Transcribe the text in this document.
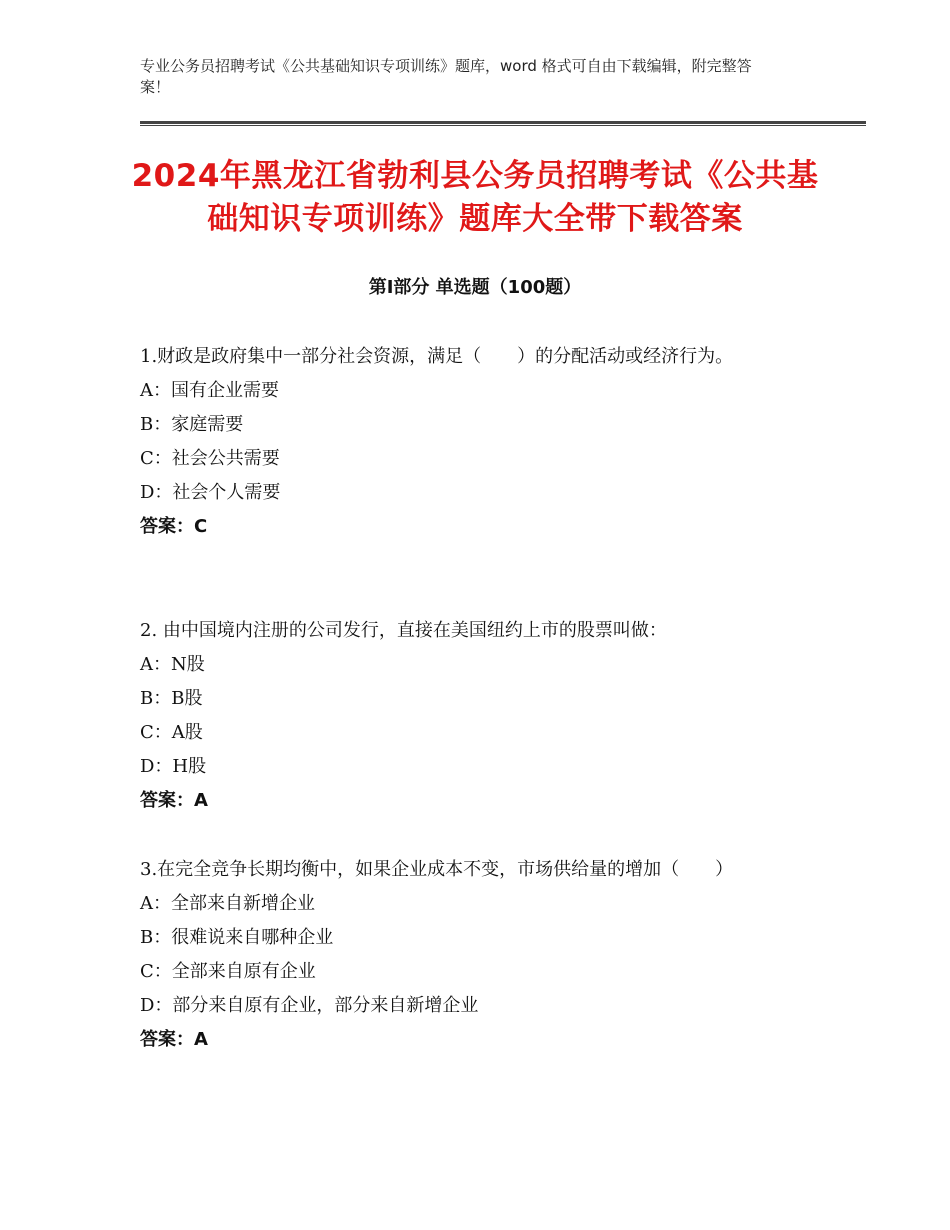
专业公务员招聘考试《公共基础知识专项训练》题库，word 格式可自由下载编辑，附完整答案！
2024年黑龙江省勃利县公务员招聘考试《公共基础知识专项训练》题库大全带下载答案
第Ⅰ部分 单选题（100题）

1.财政是政府集中一部分社会资源，满足（　　）的分配活动或经济行为。

A：国有企业需要

B：家庭需要

C：社会公共需要

D：社会个人需要

答案：C

2. 由中国境内注册的公司发行，直接在美国纽约上市的股票叫做：

A：N股

B：B股

C：A股

D：H股

答案：A

3.在完全竞争长期均衡中，如果企业成本不变，市场供给量的增加（　　）

A：全部来自新增企业

B：很难说来自哪种企业

C：全部来自原有企业

D：部分来自原有企业，部分来自新增企业

答案：A
